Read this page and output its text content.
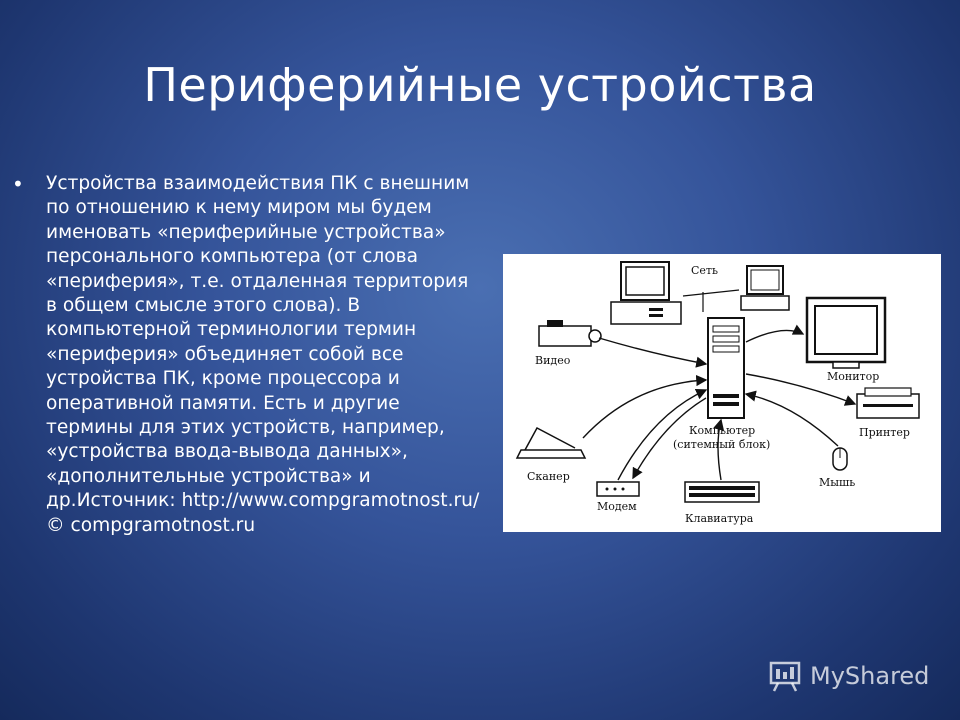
Периферийные устройства
• Устройства взаимодействия ПК с внешним по отношению к нему миром мы будем именовать «периферийные устройства» персонального компьютера (от слова «периферия», т.е. отдаленная территория в общем смысле этого слова). В компьютерной терминологии термин «периферия» объединяет собой все устройства ПК, кроме процессора и оперативной памяти. Есть и другие термины для этих устройств, например, «устройства ввода-вывода данных», «дополнительные устройства» и др.Источник: http://www.compgramotnost.ru/ © compgramotnost.ru
Сеть
Видео
Компьютер
(ситемный блок)
Монитор
Принтер
Мышь
Сканер
Модем
Клавиатура
MyShared
